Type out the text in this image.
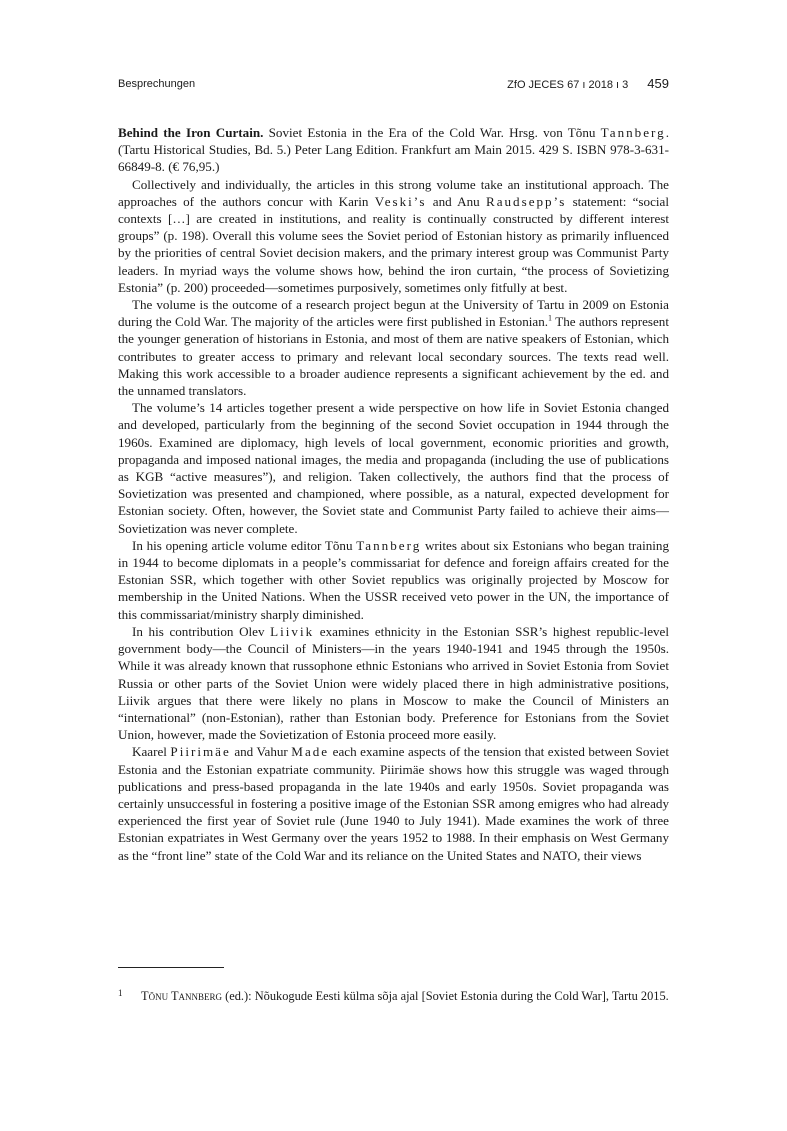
Besprechungen	ZfO JECES 67 ı 2018 ı 3 459

Behind the Iron Curtain. Soviet Estonia in the Era of the Cold War. Hrsg. von Tõnu Tannberg. (Tartu Historical Studies, Bd. 5.) Peter Lang Edition. Frankfurt am Main 2015. 429 S. ISBN 978-3-631-66849-8. (€ 76,95.)

Collectively and individually, the articles in this strong volume take an institutional approach. The approaches of the authors concur with Karin Veski’s and Anu Raudsepp’s statement: “social contexts […] are created in institutions, and reality is continually constructed by different interest groups” (p. 198). Overall this volume sees the Soviet period of Estonian history as primarily influenced by the priorities of central Soviet decision makers, and the primary interest group was Communist Party leaders. In myriad ways the volume shows how, behind the iron curtain, “the process of Sovietizing Estonia” (p. 200) proceeded—sometimes purposively, sometimes only fitfully at best.

The volume is the outcome of a research project begun at the University of Tartu in 2009 on Estonia during the Cold War. The majority of the articles were first published in Estonian.$^1$ The authors represent the younger generation of historians in Estonia, and most of them are native speakers of Estonian, which contributes to greater access to primary and relevant local secondary sources. The texts read well. Making this work accessible to a broader audience represents a significant achievement by the ed. and the unnamed translators.

The volume’s 14 articles together present a wide perspective on how life in Soviet Estonia changed and developed, particularly from the beginning of the second Soviet occupation in 1944 through the 1960s. Examined are diplomacy, high levels of local government, economic priorities and growth, propaganda and imposed national images, the media and propaganda (including the use of publications as KGB “active measures”), and religion. Taken collectively, the authors find that the process of Sovietization was presented and championed, where possible, as a natural, expected development for Estonian society. Often, however, the Soviet state and Communist Party failed to achieve their aims—Sovietization was never complete.

In his opening article volume editor Tõnu Tannberg writes about six Estonians who began training in 1944 to become diplomats in a people’s commissariat for defence and foreign affairs created for the Estonian SSR, which together with other Soviet republics was originally projected by Moscow for membership in the United Nations. When the USSR received veto power in the UN, the importance of this commissariat/ministry sharply diminished.

In his contribution Olev Liivik examines ethnicity in the Estonian SSR’s highest republic-level government body—the Council of Ministers—in the years 1940-1941 and 1945 through the 1950s. While it was already known that russophone ethnic Estonians who arrived in Soviet Estonia from Soviet Russia or other parts of the Soviet Union were widely placed there in high administrative positions, Liivik argues that there were likely no plans in Moscow to make the Council of Ministers an “international” (non-Estonian), rather than Estonian body. Preference for Estonians from the Soviet Union, however, made the Sovietization of Estonia proceed more easily.

Kaarel Piirimäe and Vahur Made each examine aspects of the tension that existed between Soviet Estonia and the Estonian expatriate community. Piirimäe shows how this struggle was waged through publications and press-based propaganda in the late 1940s and early 1950s. Soviet propaganda was certainly unsuccessful in fostering a positive image of the Estonian SSR among emigres who had already experienced the first year of Soviet rule (June 1940 to July 1941). Made examines the work of three Estonian expatriates in West Germany over the years 1952 to 1988. In their emphasis on West Germany as the “front line” state of the Cold War and its reliance on the United States and NATO, their views

1 Tõnu Tannberg (ed.): Nõukogude Eesti külma sõja ajal [Soviet Estonia during the Cold War], Tartu 2015.
